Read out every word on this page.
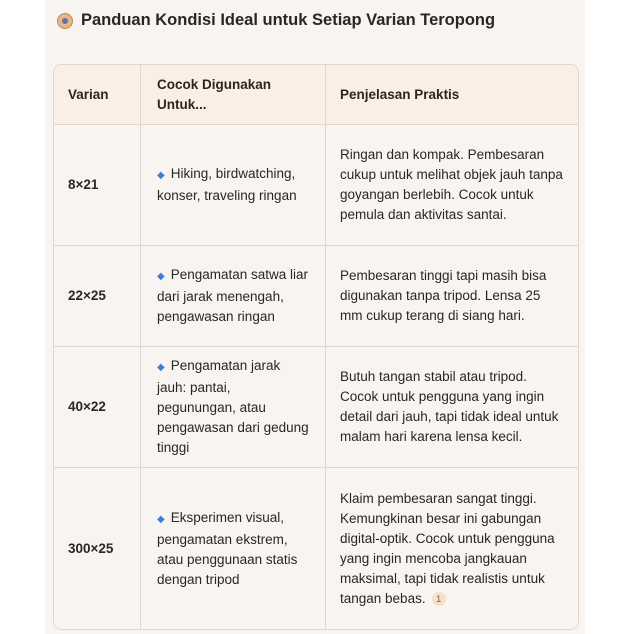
Panduan Kondisi Ideal untuk Setiap Varian Teropong
Varian	Cocok Digunakan Untuk...	Penjelasan Praktis
8×21	◆ Hiking, birdwatching, konser, traveling ringan	Ringan dan kompak. Pembesaran cukup untuk melihat objek jauh tanpa goyangan berlebih. Cocok untuk pemula dan aktivitas santai.
22×25	◆ Pengamatan satwa liar dari jarak menengah, pengawasan ringan	Pembesaran tinggi tapi masih bisa digunakan tanpa tripod. Lensa 25 mm cukup terang di siang hari.
40×22	◆ Pengamatan jarak jauh: pantai, pegunungan, atau pengawasan dari gedung tinggi	Butuh tangan stabil atau tripod. Cocok untuk pengguna yang ingin detail dari jauh, tapi tidak ideal untuk malam hari karena lensa kecil.
300×25	◆ Eksperimen visual, pengamatan ekstrem, atau penggunaan statis dengan tripod	Klaim pembesaran sangat tinggi. Kemungkinan besar ini gabungan digital-optik. Cocok untuk pengguna yang ingin mencoba jangkauan maksimal, tapi tidak realistis untuk tangan bebas. 1
